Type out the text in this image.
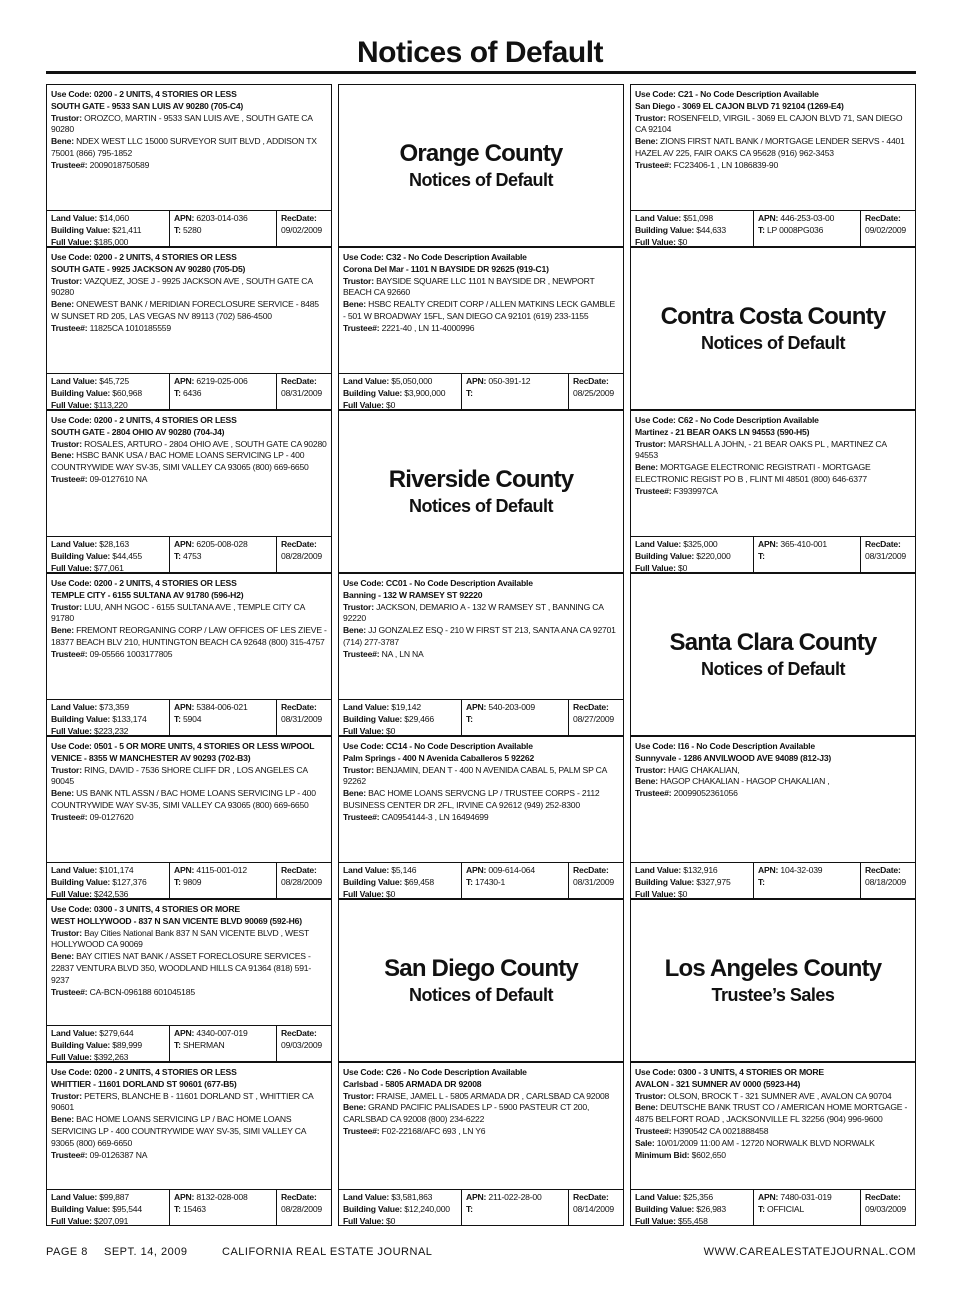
Notices of Default
Use Code: 0200 - 2 UNITS, 4 STORIES OR LESS
SOUTH GATE - 9533 SAN LUIS AV 90280 (705-C4)
Trustor: OROZCO, MARTIN - 9533 SAN LUIS AVE , SOUTH GATE CA 90280
Bene: NDEX WEST LLC 15000 SURVEYOR SUIT BLVD , ADDISON TX 75001 (866) 795-1852
Trustee#: 2009018750589
Land Value: $14,060
Building Value: $21,411
Full Value: $185,000
APN: 6203-014-036
T: 5280
RecDate:
09/02/2009
Use Code: 0200 - 2 UNITS, 4 STORIES OR LESS
SOUTH GATE - 9925 JACKSON AV 90280 (705-D5)
Trustor: VAZQUEZ, JOSE J - 9925 JACKSON AVE , SOUTH GATE CA 90280
Bene: ONEWEST BANK / MERIDIAN FORECLOSURE SERVICE - 8485 W SUNSET RD 205, LAS VEGAS NV 89113 (702) 586-4500
Trustee#: 11825CA 1010185559
Land Value: $45,725
Building Value: $60,968
Full Value: $113,220
APN: 6219-025-006
T: 6436
RecDate:
08/31/2009
Use Code: 0200 - 2 UNITS, 4 STORIES OR LESS
SOUTH GATE - 2804 OHIO AV 90280 (704-J4)
Trustor: ROSALES, ARTURO - 2804 OHIO AVE , SOUTH GATE CA 90280
Bene: HSBC BANK USA / BAC HOME LOANS SERVICING LP - 400 COUNTRYWIDE WAY SV-35, SIMI VALLEY CA 93065 (800) 669-6650
Trustee#: 09-0127610 NA
Land Value: $28,163
Building Value: $44,455
Full Value: $77,061
APN: 6205-008-028
T: 4753
RecDate:
08/28/2009
Use Code: 0200 - 2 UNITS, 4 STORIES OR LESS
TEMPLE CITY - 6155 SULTANA AV 91780 (596-H2)
Trustor: LUU, ANH NGOC - 6155 SULTANA AVE , TEMPLE CITY CA 91780
Bene: FREMONT REORGANING CORP / LAW OFFICES OF LES ZIEVE - 18377 BEACH BLV 210, HUNTINGTON BEACH CA 92648 (800) 315-4757
Trustee#: 09-05566 1003177805
Land Value: $73,359
Building Value: $133,174
Full Value: $223,232
APN: 5384-006-021
T: 5904
RecDate:
08/31/2009
Use Code: 0501 - 5 OR MORE UNITS, 4 STORIES OR LESS W/POOL
VENICE - 8355 W MANCHESTER AV 90293 (702-B3)
Trustor: RING, DAVID - 7536 SHORE CLIFF DR , LOS ANGELES CA 90045
Bene: US BANK NTL ASSN / BAC HOME LOANS SERVICING LP - 400 COUNTRYWIDE WAY SV-35, SIMI VALLEY CA 93065 (800) 669-6650
Trustee#: 09-0127620
Land Value: $101,174
Building Value: $127,376
Full Value: $242,536
APN: 4115-001-012
T: 9809
RecDate:
08/28/2009
Use Code: 0300 - 3 UNITS, 4 STORIES OR MORE
WEST HOLLYWOOD - 837 N SAN VICENTE BLVD 90069 (592-H6)
Trustor: Bay Cities National Bank 837 N SAN VICENTE BLVD , WEST HOLLYWOOD CA 90069
Bene: BAY CITIES NAT BANK / ASSET FORECLOSURE SERVICES - 22837 VENTURA BLVD 350, WOODLAND HILLS CA 91364 (818) 591-9237
Trustee#: CA-BCN-096188 601045185
Land Value: $279,644
Building Value: $89,999
Full Value: $392,263
APN: 4340-007-019
T: SHERMAN
RecDate:
09/03/2009
Use Code: 0200 - 2 UNITS, 4 STORIES OR LESS
WHITTIER - 11601 DORLAND ST 90601 (677-B5)
Trustor: PETERS, BLANCHE B - 11601 DORLAND ST , WHITTIER CA 90601
Bene: BAC HOME LOANS SERVICING LP / BAC HOME LOANS SERVICING LP - 400 COUNTRYWIDE WAY SV-35, SIMI VALLEY CA 93065 (800) 669-6650
Trustee#: 09-0126387 NA
Land Value: $99,887
Building Value: $95,544
Full Value: $207,091
APN: 8132-028-008
T: 15463
RecDate:
08/28/2009
Orange County
Notices of Default
Use Code: C32 - No Code Description Available
Corona Del Mar - 1101 N BAYSIDE DR 92625 (919-C1)
Trustor: BAYSIDE SQUARE LLC 1101 N BAYSIDE DR , NEWPORT BEACH CA 92660
Bene: HSBC REALTY CREDIT CORP / ALLEN MATKINS LECK GAMBLE - 501 W BROADWAY 15FL, SAN DIEGO CA 92101 (619) 233-1155
Trustee#: 2221-40 , LN 11-4000996
Land Value: $5,050,000
Building Value: $3,900,000
Full Value: $0
APN: 050-391-12
T:
RecDate:
08/25/2009
Riverside County
Notices of Default
Use Code: CC01 - No Code Description Available
Banning - 132 W RAMSEY ST 92220
Trustor: JACKSON, DEMARIO A - 132 W RAMSEY ST , BANNING CA 92220
Bene: JJ GONZALEZ ESQ - 210 W FIRST ST 213, SANTA ANA CA 92701 (714) 277-3787
Trustee#: NA , LN NA
Land Value: $19,142
Building Value: $29,466
Full Value: $0
APN: 540-203-009
T:
RecDate:
08/27/2009
Use Code: CC14 - No Code Description Available
Palm Springs - 400 N Avenida Caballeros 5 92262
Trustor: BENJAMIN, DEAN T - 400 N AVENIDA CABAL 5, PALM SP CA 92262
Bene: BAC HOME LOANS SERVCNG LP / TRUSTEE CORPS - 2112 BUSINESS CENTER DR 2FL, IRVINE CA 92612 (949) 252-8300
Trustee#: CA0954144-3 , LN 16494699
Land Value: $5,146
Building Value: $69,458
Full Value: $0
APN: 009-614-064
T: 17430-1
RecDate:
08/31/2009
San Diego County
Notices of Default
Use Code: C26 - No Code Description Available
Carlsbad - 5805 ARMADA DR 92008
Trustor: FRAISE, JAMEL L - 5805 ARMADA DR , CARLSBAD CA 92008
Bene: GRAND PACIFIC PALISADES LP - 5900 PASTEUR CT 200, CARLSBAD CA 92008 (800) 234-6222
Trustee#: F02-22168/AFC 693 , LN Y6
Land Value: $3,581,863
Building Value: $12,240,000
Full Value: $0
APN: 211-022-28-00
T:
RecDate:
08/14/2009
Use Code: C21 - No Code Description Available
San Diego - 3069 EL CAJON BLVD 71 92104 (1269-E4)
Trustor: ROSENFELD, VIRGIL - 3069 EL CAJON BLVD 71, SAN DIEGO CA 92104
Bene: ZIONS FIRST NATL BANK / MORTGAGE LENDER SERVS - 4401 HAZEL AV 225, FAIR OAKS CA 95628 (916) 962-3453
Trustee#: FC23406-1 , LN 1086839-90
Land Value: $51,098
Building Value: $44,633
Full Value: $0
APN: 446-253-03-00
T: LP 0008PG036
RecDate:
09/02/2009
Contra Costa County
Notices of Default
Use Code: C62 - No Code Description Available
Martinez - 21 BEAR OAKS LN 94553 (590-H5)
Trustor: MARSHALL A JOHN, - 21 BEAR OAKS PL , MARTINEZ CA 94553
Bene: MORTGAGE ELECTRONIC REGISTRATI - MORTGAGE ELECTRONIC REGIST PO B , FLINT MI 48501 (800) 646-6377
Trustee#: F393997CA
Land Value: $325,000
Building Value: $220,000
Full Value: $0
APN: 365-410-001
T:
RecDate:
08/31/2009
Santa Clara County
Notices of Default
Use Code: I16 - No Code Description Available
Sunnyvale - 1286 ANVILWOOD AVE 94089 (812-J3)
Trustor: HAIG CHAKALIAN,
Bene: HAGOP CHAKALIAN - HAGOP CHAKALIAN ,
Trustee#: 20099052361056
Land Value: $132,916
Building Value: $327,975
Full Value: $0
APN: 104-32-039
T:
RecDate:
08/18/2009
Los Angeles County
Trustee’s Sales
Use Code: 0300 - 3 UNITS, 4 STORIES OR MORE
AVALON - 321 SUMNER AV 0000 (5923-H4)
Trustor: OLSON, BROCK T - 321 SUMNER AVE , AVALON CA 90704
Bene: DEUTSCHE BANK TRUST CO / AMERICAN HOME MORTGAGE - 4875 BELFORT ROAD , JACKSONVILLE FL 32256 (904) 996-9600
Trustee#: H390542 CA 0021888458
Sale: 10/01/2009 11:00 AM - 12720 NORWALK BLVD NORWALK
Minimum Bid: $602,650
Land Value: $25,356
Building Value: $26,983
Full Value: $55,458
APN: 7480-031-019
T: OFFICIAL
RecDate:
09/03/2009
PAGE 8 SEPT. 14, 2009	CALIFORNIA REAL ESTATE JOURNAL	WWW.CAREALESTATEJOURNAL.COM
